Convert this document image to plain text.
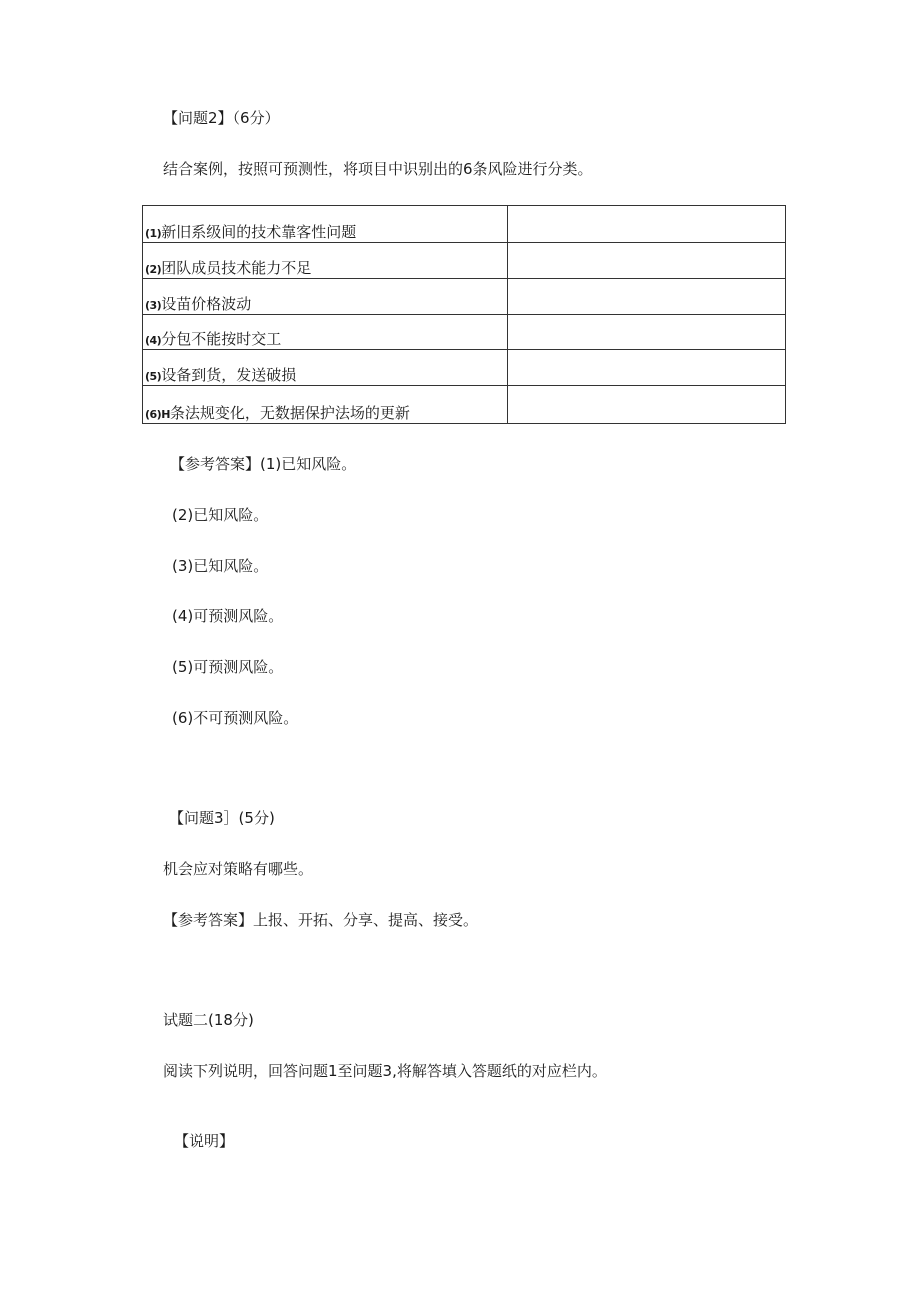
【问题2】（6分）
结合案例，按照可预测性，将项目中识别出的6条风险进行分类。
(1)新旧系级间的技术靠客性问题	
(2)团队成员技术能力不足	
(3)设苗价格波动	
(4)分包不能按时交工	
(5)设备到货，发送破损	
(6)H条法规变化，无数据保护法场的更新	
【参考答案】(1)已知风险。
(2)已知风险。
(3)已知风险。
(4)可预测风险。
(5)可预测风险。
(6)不可预测风险。
【问题3］(5分)
机会应对策略有哪些。
【参考答案】上报、开拓、分享、提高、接受。
试题二(18分)
阅读下列说明，回答问题1至问题3,将解答填入答题纸的对应栏内。
【说明】
